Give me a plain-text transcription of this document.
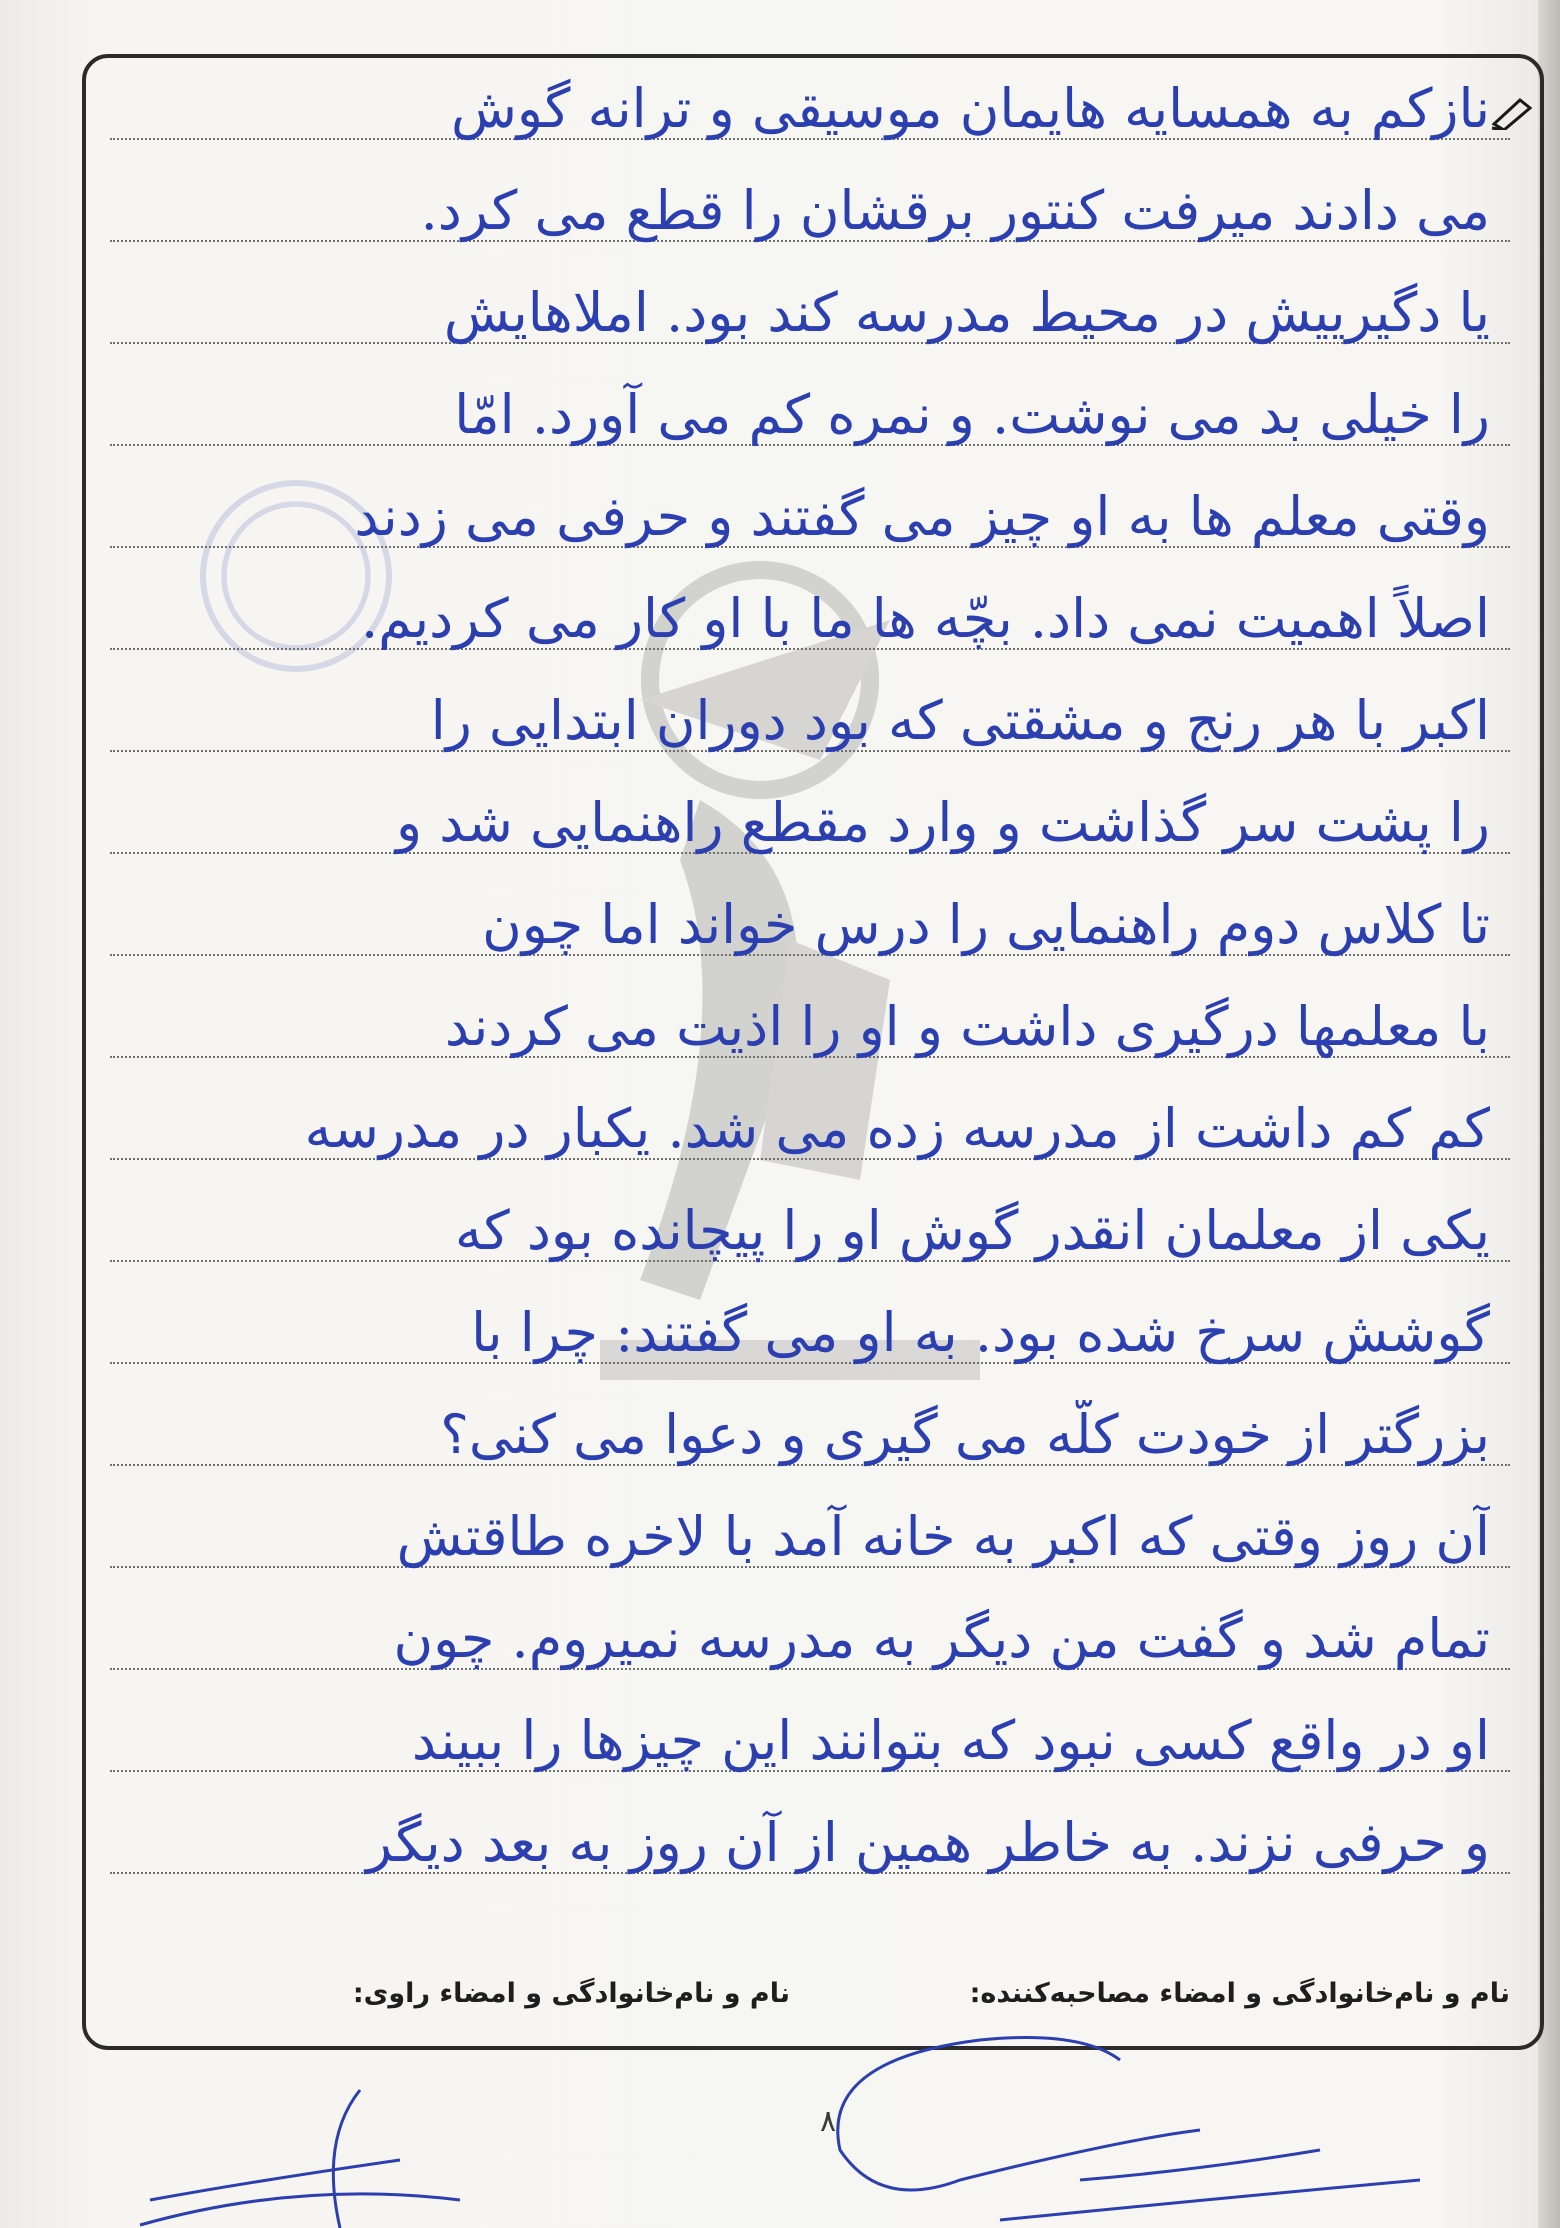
نازکم به همسایه هایمان موسیقی و ترانه گوش
می دادند میرفت کنتور برقشان را قطع می کرد.
یا دگیرییش در محیط مدرسه کند بود. املاهایش
را خیلی بد می نوشت. و نمره کم می آورد. امّا
وقتی معلم ها به او چیز می گفتند و حرفی می زدند
اصلاً اهمیت نمی داد. بچّه ها ما با او کار می کردیم.
اکبر با هر رنج و مشقتی که بود دوران ابتدایی را
را پشت سر گذاشت و وارد مقطع راهنمایی شد و
تا کلاس دوم راهنمایی را درس خواند اما چون
با معلمها درگیری داشت و او را اذیت می کردند
کم کم داشت از مدرسه زده می شد. یکبار در مدرسه
یکی از معلمان انقدر گوش او را پیچانده بود که
گوشش سرخ شده بود. به او می گفتند: چرا با
بزرگتر از خودت کلّه می گیری و دعوا می کنی؟
آن روز وقتی که اکبر به خانه آمد با لاخره طاقتش
تمام شد و گفت من دیگر به مدرسه نمیروم. چون
او در واقع کسی نبود که بتوانند این چیزها را ببیند
و حرفی نزند. به خاطر همین از آن روز به بعد دیگر
نام و نام‌خانوادگی و امضاء مصاحبه‌کننده:
نام و نام‌خانوادگی و امضاء راوی:
۸
